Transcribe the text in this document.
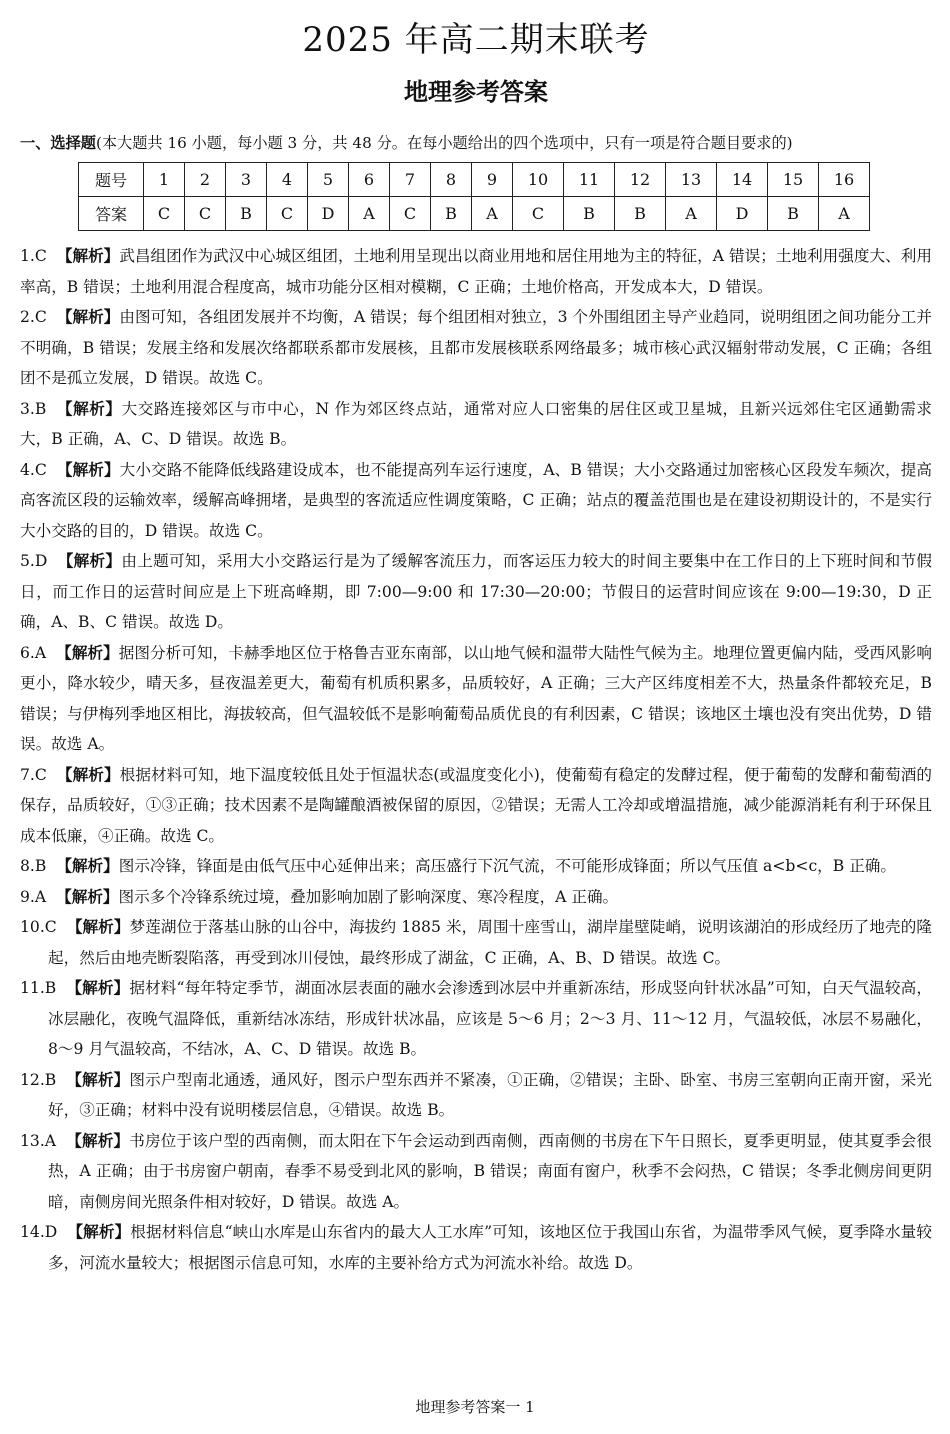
2025 年高二期末联考
地理参考答案
一、选择题(本大题共 16 小题，每小题 3 分，共 48 分。在每小题给出的四个选项中，只有一项是符合题目要求的)
题号	1	2	3	4	5	6	7	8	9	10	11	12	13	14	15	16
答案	C	C	B	C	D	A	C	B	A	C	B	B	A	D	B	A

1.C 【解析】武昌组团作为武汉中心城区组团，土地利用呈现出以商业用地和居住用地为主的特征，A 错误；土地利用强度大、利用率高，B 错误；土地利用混合程度高，城市功能分区相对模糊，C 正确；土地价格高，开发成本大，D 错误。

2.C 【解析】由图可知，各组团发展并不均衡，A 错误；每个组团相对独立，3 个外围组团主导产业趋同，说明组团之间功能分工并不明确，B 错误；发展主络和发展次络都联系都市发展核，且都市发展核联系网络最多；城市核心武汉辐射带动发展，C 正确；各组团不是孤立发展，D 错误。故选 C。

3.B 【解析】大交路连接郊区与市中心，N 作为郊区终点站，通常对应人口密集的居住区或卫星城，且新兴远郊住宅区通勤需求大，B 正确，A、C、D 错误。故选 B。

4.C 【解析】大小交路不能降低线路建设成本，也不能提高列车运行速度，A、B 错误；大小交路通过加密核心区段发车频次，提高高客流区段的运输效率，缓解高峰拥堵，是典型的客流适应性调度策略，C 正确；站点的覆盖范围也是在建设初期设计的，不是实行大小交路的目的，D 错误。故选 C。

5.D 【解析】由上题可知，采用大小交路运行是为了缓解客流压力，而客运压力较大的时间主要集中在工作日的上下班时间和节假日，而工作日的运营时间应是上下班高峰期，即 7:00—9:00 和 17:30—20:00；节假日的运营时间应该在 9:00—19:30，D 正确，A、B、C 错误。故选 D。

6.A 【解析】据图分析可知，卡赫季地区位于格鲁吉亚东南部，以山地气候和温带大陆性气候为主。地理位置更偏内陆，受西风影响更小，降水较少，晴天多，昼夜温差更大，葡萄有机质积累多，品质较好，A 正确；三大产区纬度相差不大，热量条件都较充足，B 错误；与伊梅列季地区相比，海拔较高，但气温较低不是影响葡萄品质优良的有利因素，C 错误；该地区土壤也没有突出优势，D 错误。故选 A。

7.C 【解析】根据材料可知，地下温度较低且处于恒温状态(或温度变化小)，使葡萄有稳定的发酵过程，便于葡萄的发酵和葡萄酒的保存，品质较好，①③正确；技术因素不是陶罐酿酒被保留的原因，②错误；无需人工冷却或增温措施，减少能源消耗有利于环保且成本低廉，④正确。故选 C。

8.B 【解析】图示冷锋，锋面是由低气压中心延伸出来；高压盛行下沉气流，不可能形成锋面；所以气压值 a<b<c，B 正确。

9.A 【解析】图示多个冷锋系统过境，叠加影响加剧了影响深度、寒冷程度，A 正确。

10.C 【解析】梦莲湖位于落基山脉的山谷中，海拔约 1885 米，周围十座雪山，湖岸崖壁陡峭，说明该湖泊的形成经历了地壳的隆起，然后由地壳断裂陷落，再受到冰川侵蚀，最终形成了湖盆，C 正确，A、B、D 错误。故选 C。

11.B 【解析】据材料“每年特定季节，湖面冰层表面的融水会渗透到冰层中并重新冻结，形成竖向针状冰晶”可知，白天气温较高，冰层融化，夜晚气温降低，重新结冰冻结，形成针状冰晶，应该是 5～6 月；2～3 月、11～12 月，气温较低，冰层不易融化，8～9 月气温较高，不结冰，A、C、D 错误。故选 B。

12.B 【解析】图示户型南北通透，通风好，图示户型东西并不紧凑，①正确，②错误；主卧、卧室、书房三室朝向正南开窗，采光好，③正确；材料中没有说明楼层信息，④错误。故选 B。

13.A 【解析】书房位于该户型的西南侧，而太阳在下午会运动到西南侧，西南侧的书房在下午日照长，夏季更明显，使其夏季会很热，A 正确；由于书房窗户朝南，春季不易受到北风的影响，B 错误；南面有窗户，秋季不会闷热，C 错误；冬季北侧房间更阴暗，南侧房间光照条件相对较好，D 错误。故选 A。

14.D 【解析】根据材料信息“峡山水库是山东省内的最大人工水库”可知，该地区位于我国山东省，为温带季风气候，夏季降水量较多，河流水量较大；根据图示信息可知，水库的主要补给方式为河流水补给。故选 D。

地理参考答案一 1
